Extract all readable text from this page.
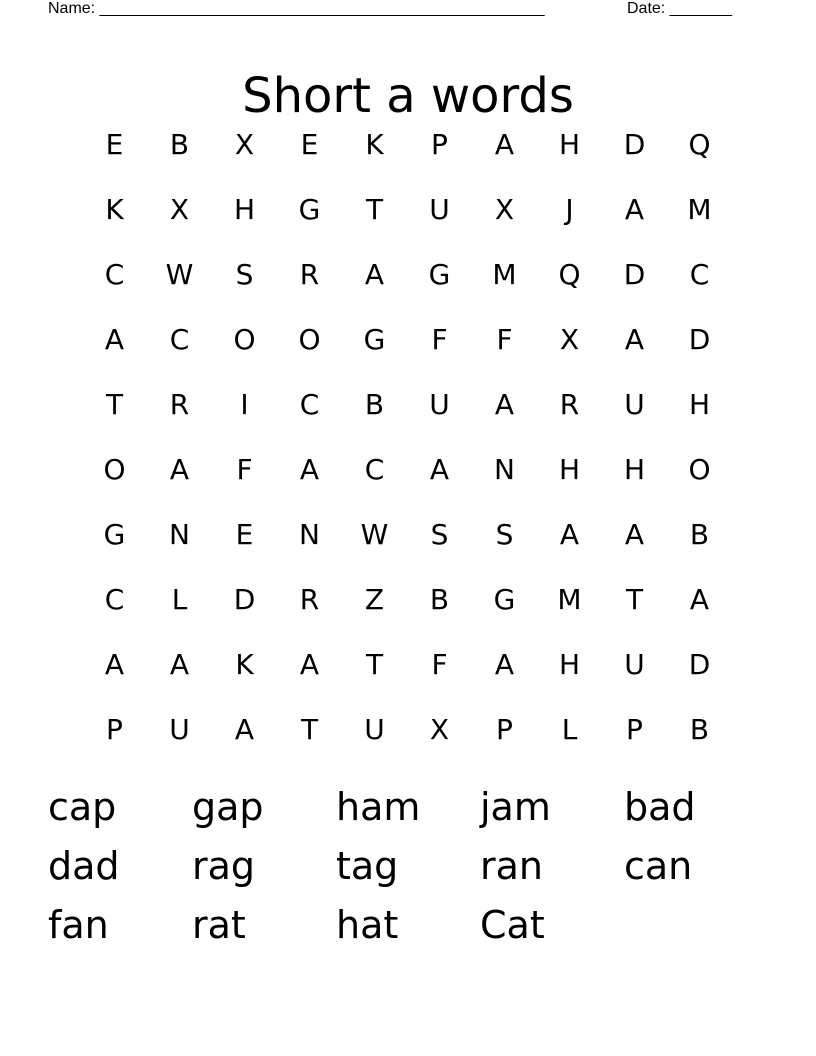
Name: __________________________________________________	Date: _______
Short a words
E	B	X	E	K	P	A	H	D	Q
K	X	H	G	T	U	X	J	A	M
C	W	S	R	A	G	M	Q	D	C
A	C	O	O	G	F	F	X	A	D
T	R	I	C	B	U	A	R	U	H
O	A	F	A	C	A	N	H	H	O
G	N	E	N	W	S	S	A	A	B
C	L	D	R	Z	B	G	M	T	A
A	A	K	A	T	F	A	H	U	D
P	U	A	T	U	X	P	L	P	B
cap	gap	ham	jam	bad
dad	rag	tag	ran	can
fan	rat	hat	Cat
